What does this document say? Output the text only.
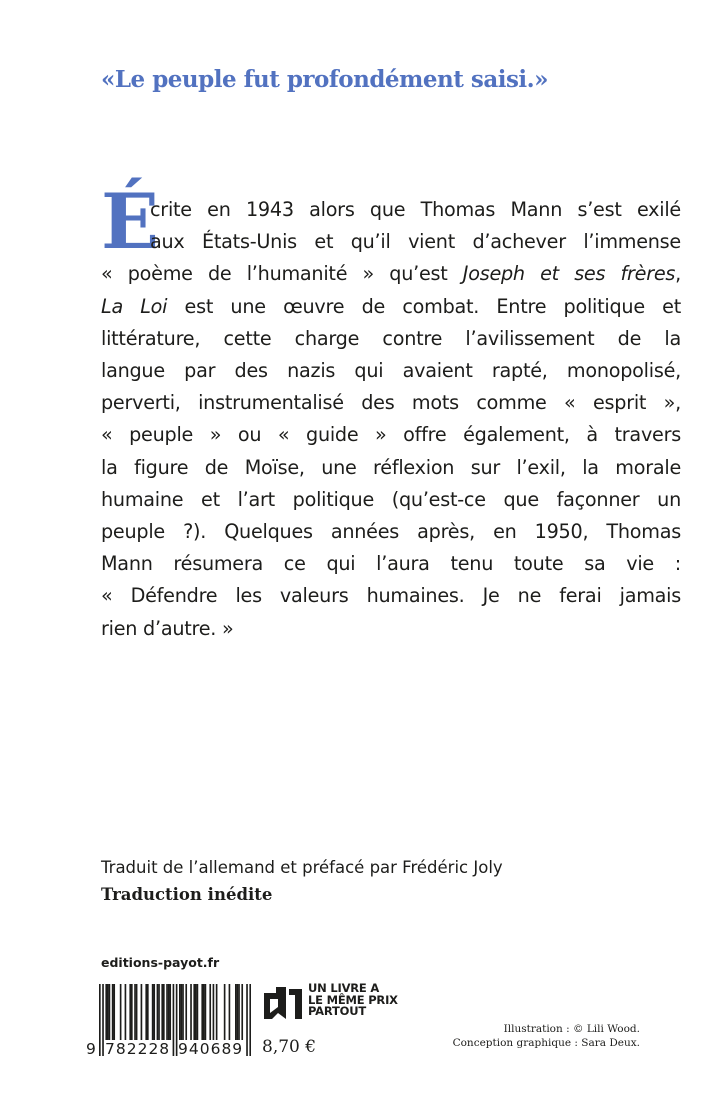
«Le peuple fut profondément saisi.»
É
crite en 1943 alors que Thomas Mann s’est exilé
aux États-Unis et qu’il vient d’achever l’immense
« poème de l’humanité » qu’est Joseph et ses frères,
La Loi est une œuvre de combat. Entre politique et
littérature, cette charge contre l’avilissement de la
langue par des nazis qui avaient rapté, monopolisé,
perverti, instrumentalisé des mots comme « esprit »,
« peuple » ou « guide » offre également, à travers
la figure de Moïse, une réflexion sur l’exil, la morale
humaine et l’art politique (qu’est-ce que façonner un
peuple ?). Quelques années après, en 1950, Thomas
Mann résumera ce qui l’aura tenu toute sa vie :
« Défendre les valeurs humaines. Je ne ferai jamais
rien d’autre. »
Traduit de l’allemand et préfacé par Frédéric Joly
Traduction inédite
editions-payot.fr
9 782228 940689
UN LIVRE A
LE MÊME PRIX
PARTOUT
8,70 €
Illustration : © Lili Wood.
Conception graphique : Sara Deux.
